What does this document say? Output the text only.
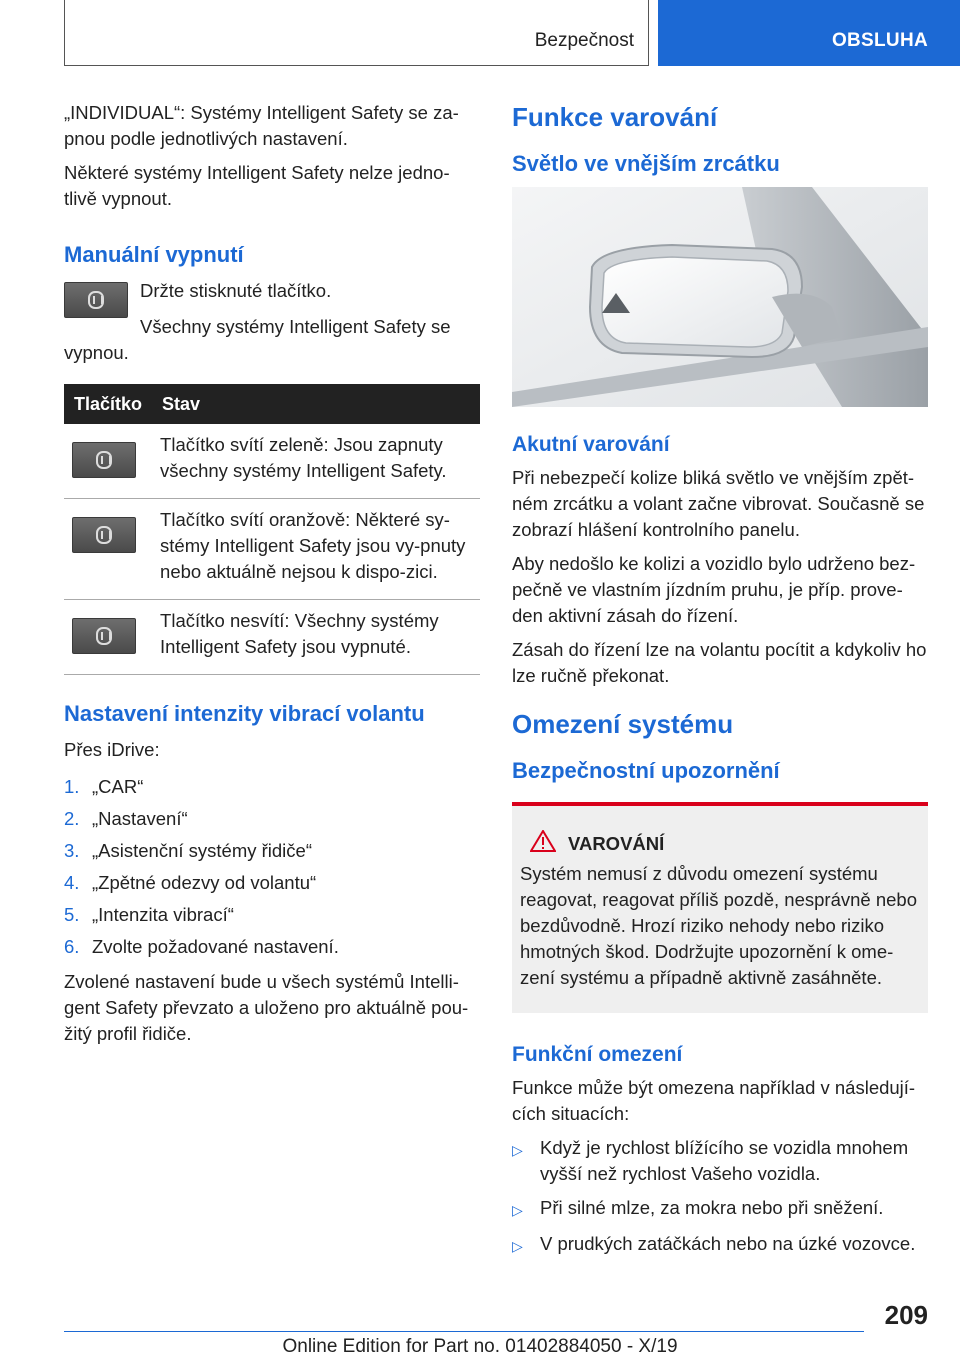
Bezpečnost	OBSLUHA

„INDIVIDUAL“: Systémy Intelligent Safety se za-pnou podle jednotlivých nastavení.

Některé systémy Intelligent Safety nelze jedno-tlivě vypnout.

Manuální vypnutí

Držte stisknuté tlačítko.

Všechny systémy Intelligent Safety se vypnou.

Tlačítko	Stav

	Tlačítko svítí zeleně: Jsou zapnuty všechny systémy Intelligent Safety.

	Tlačítko svítí oranžově: Některé sy-stémy Intelligent Safety jsou vy-pnuty nebo aktuálně nejsou k dispo-zici.

	Tlačítko nesvítí: Všechny systémy Intelligent Safety jsou vypnuté.
Nastavení intenzity vibrací volantu

Přes iDrive:

1. „CAR“
2. „Nastavení“
3. „Asistenční systémy řidiče“
4. „Zpětné odezvy od volantu“
5. „Intenzita vibrací“
6. Zvolte požadované nastavení.

Zvolené nastavení bude u všech systémů Intelli-gent Safety převzato a uloženo pro aktuálně pou-žitý profil řidiče.

Funkce varování
Světlo ve vnějším zrcátku
Akutní varování

Při nebezpečí kolize bliká světlo ve vnějším zpět-ném zrcátku a volant začne vibrovat. Současně se zobrazí hlášení kontrolního panelu.

Aby nedošlo ke kolizi a vozidlo bylo udrženo bez-pečně ve vlastním jízdním pruhu, je příp. prove-den aktivní zásah do řízení.

Zásah do řízení lze na volantu pocítit a kdykoliv ho lze ručně překonat.

Omezení systému
Bezpečnostní upozornění
VAROVÁNÍ

Systém nemusí z důvodu omezení systému reagovat, reagovat příliš pozdě, nesprávně nebo bezdůvodně. Hrozí riziko nehody nebo riziko hmotných škod. Dodržujte upozornění k ome-zení systému a případně aktivně zasáhněte.

Funkční omezení

Funkce může být omezena například v následují-cích situacích:

▷ Když je rychlost blížícího se vozidla mnohem vyšší než rychlost Vašeho vozidla.
▷ Při silné mlze, za mokra nebo při sněžení.
▷ V prudkých zatáčkách nebo na úzké vozovce.
209
Online Edition for Part no. 01402884050 - X/19
